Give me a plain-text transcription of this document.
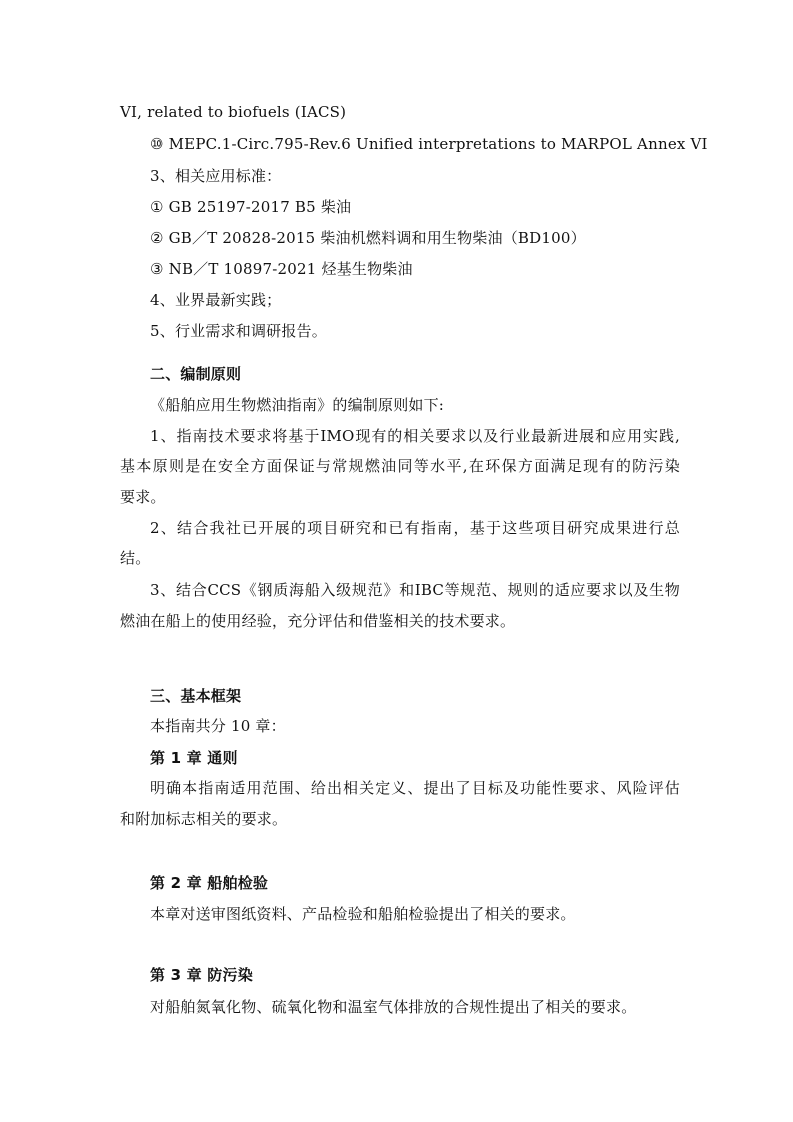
VI, related to biofuels (IACS)
⑩ MEPC.1-Circ.795-Rev.6 Unified interpretations to MARPOL Annex VI
3、相关应用标准：
① GB 25197-2017 B5 柴油
② GB／T 20828-2015 柴油机燃料调和用生物柴油（BD100）
③ NB／T 10897-2021 烃基生物柴油
4、业界最新实践；
5、行业需求和调研报告。
二、编制原则
《船舶应用生物燃油指南》的编制原则如下:
1、指南技术要求将基于IMO现有的相关要求以及行业最新进展和应用实践,
基本原则是在安全方面保证与常规燃油同等水平,在环保方面满足现有的防污染
要求。
2、结合我社已开展的项目研究和已有指南，基于这些项目研究成果进行总
结。
3、结合CCS《钢质海船入级规范》和IBC等规范、规则的适应要求以及生物
燃油在船上的使用经验，充分评估和借鉴相关的技术要求。
三、基本框架
本指南共分 10 章：
第 1 章 通则
明确本指南适用范围、给出相关定义、提出了目标及功能性要求、风险评估
和附加标志相关的要求。
第 2 章 船舶检验
本章对送审图纸资料、产品检验和船舶检验提出了相关的要求。
第 3 章 防污染
对船舶氮氧化物、硫氧化物和温室气体排放的合规性提出了相关的要求。
